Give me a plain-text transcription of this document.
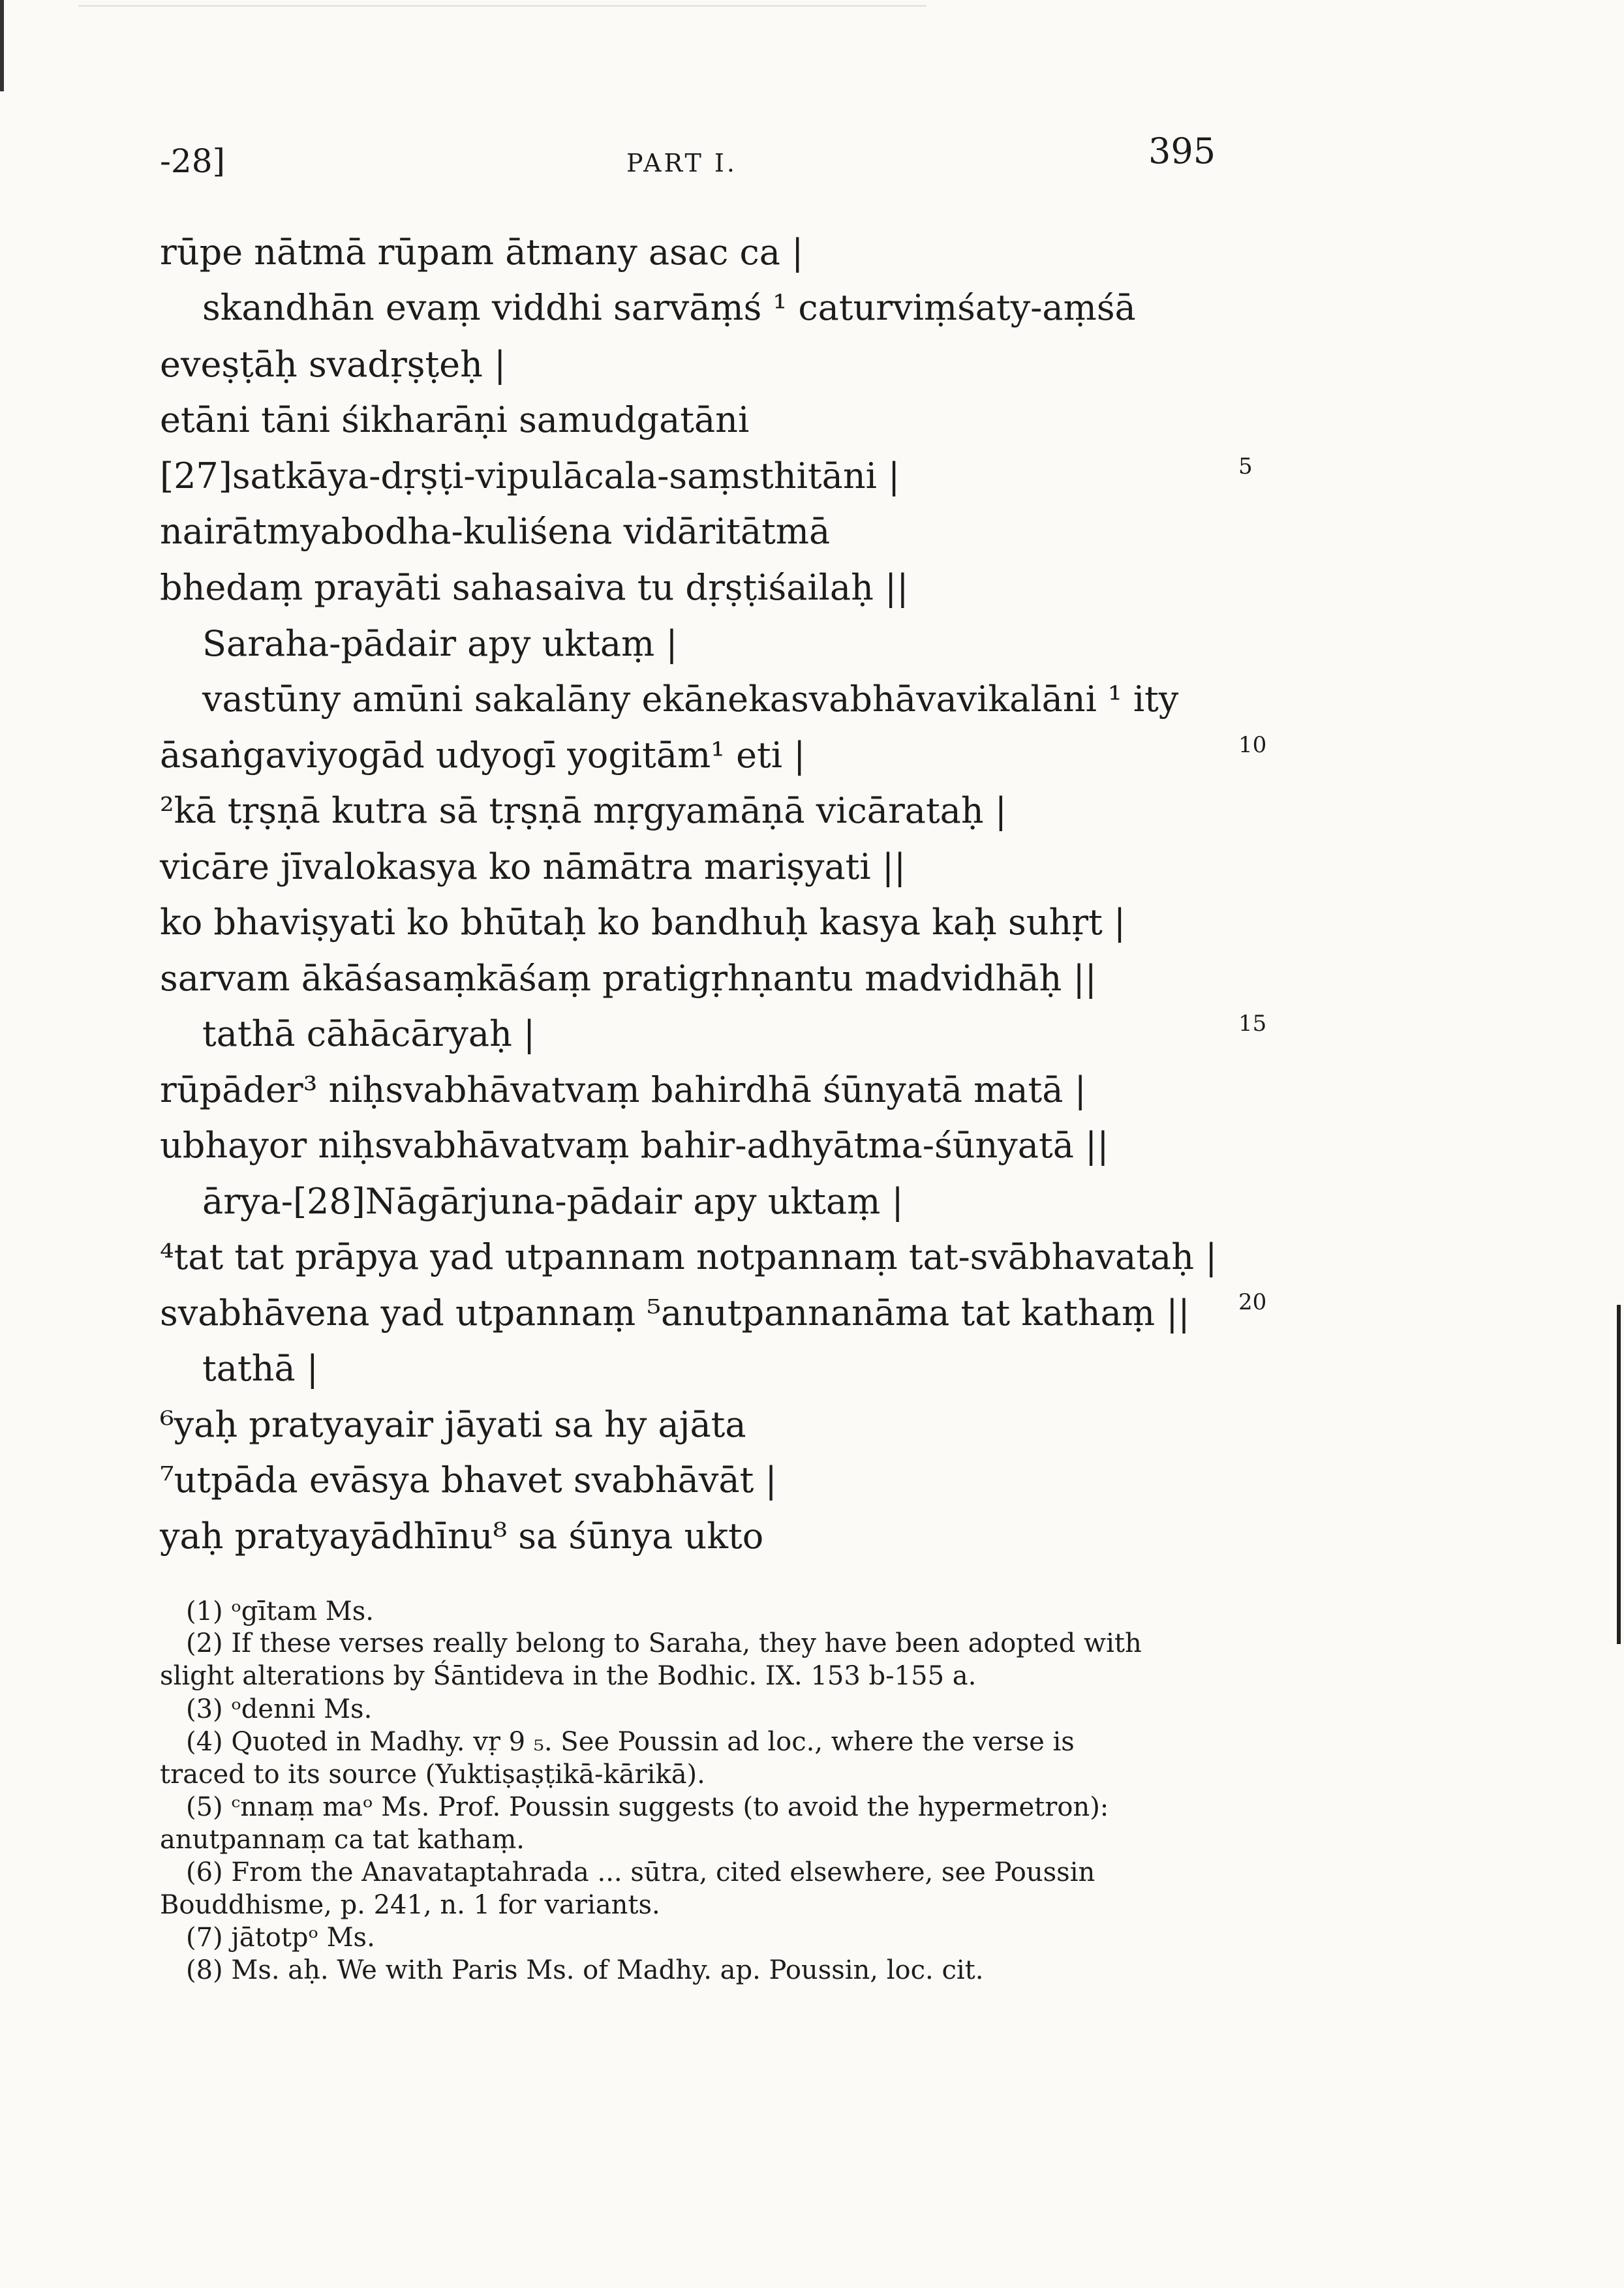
-28]	PART I.	395
rūpe nātmā rūpam ātmany asac ca |
skandhān evaṃ viddhi sarvāṃś ¹ caturviṃśaty-aṃśā
eveṣṭāḥ svadṛṣṭeḥ |
etāni tāni śikharāṇi samudgatāni
[27]satkāya-dṛṣṭi-vipulācala-saṃsthitāni |
nairātmyabodha-kuliśena vidāritātmā
bhedaṃ prayāti sahasaiva tu dṛṣṭiśailaḥ ||
Saraha-pādair apy uktaṃ |
vastūny amūni sakalāny ekānekasvabhāvavikalāni ¹ ity
āsaṅgaviyogād udyogī yogitām¹ eti |
²kā tṛṣṇā kutra sā tṛṣṇā mṛgyamāṇā vicārataḥ |
vicāre jīvalokasya ko nāmātra mariṣyati ||
ko bhaviṣyati ko bhūtaḥ ko bandhuḥ kasya kaḥ suhṛt |
sarvam ākāśasaṃkāśaṃ pratigṛhṇantu madvidhāḥ ||
tathā cāhācāryaḥ |
rūpāder³ niḥsvabhāvatvaṃ bahirdhā śūnyatā matā |
ubhayor niḥsvabhāvatvaṃ bahir-adhyātma-śūnyatā ||
ārya-[28]Nāgārjuna-pādair apy uktaṃ |
⁴tat tat prāpya yad utpannam notpannaṃ tat-svābhavataḥ |
svabhāvena yad utpannaṃ ⁵anutpannanāma tat kathaṃ ||
tathā |
⁶yaḥ pratyayair jāyati sa hy ajāta
⁷utpāda evāsya bhavet svabhāvāt |
yaḥ pratyayādhīnu⁸ sa śūnya ukto
5
10
15
20
(1) ᵒgītam Ms.
(2) If these verses really belong to Saraha, they have been adopted with
slight alterations by Śāntideva in the Bodhic. IX. 153 b-155 a.
(3) ᵒdenni Ms.
(4) Quoted in Madhy. vṛ 9 ₅. See Poussin ad loc., where the verse is
traced to its source (Yuktiṣaṣṭikā-kārikā).
(5) ᶜnnaṃ maᵒ Ms. Prof. Poussin suggests (to avoid the hypermetron):
anutpannaṃ ca tat kathaṃ.
(6) From the Anavataptahrada ... sūtra, cited elsewhere, see Poussin
Bouddhisme, p. 241, n. 1 for variants.
(7) jātotpᵒ Ms.
(8) Ms. aḥ. We with Paris Ms. of Madhy. ap. Poussin, loc. cit.
